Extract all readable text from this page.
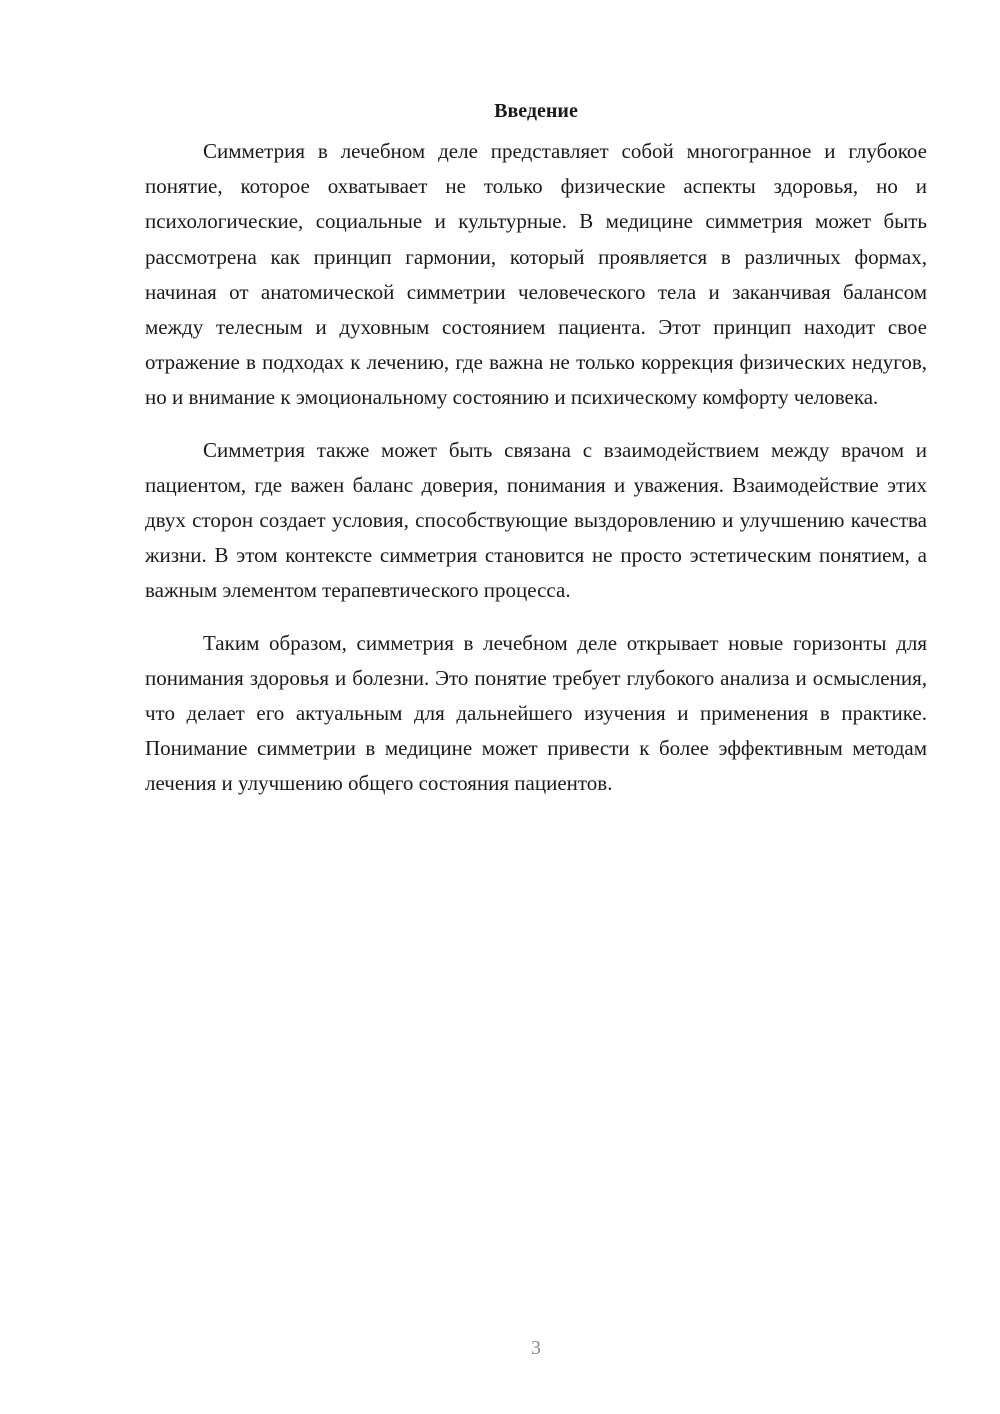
Введение

Симметрия в лечебном деле представляет собой многогранное и глубокое понятие, которое охватывает не только физические аспекты здоровья, но и психологические, социальные и культурные. В медицине симметрия может быть рассмотрена как принцип гармонии, который проявляется в различных формах, начиная от анатомической симметрии человеческого тела и заканчивая балансом между телесным и духовным состоянием пациента. Этот принцип находит свое отражение в подходах к лечению, где важна не только коррекция физических недугов, но и внимание к эмоциональному состоянию и психическому комфорту человека.

Симметрия также может быть связана с взаимодействием между врачом и пациентом, где важен баланс доверия, понимания и уважения. Взаимодействие этих двух сторон создает условия, способствующие выздоровлению и улучшению качества жизни. В этом контексте симметрия становится не просто эстетическим понятием, а важным элементом терапевтического процесса.

Таким образом, симметрия в лечебном деле открывает новые горизонты для понимания здоровья и болезни. Это понятие требует глубокого анализа и осмысления, что делает его актуальным для дальнейшего изучения и применения в практике. Понимание симметрии в медицине может привести к более эффективным методам лечения и улучшению общего состояния пациентов.

3
